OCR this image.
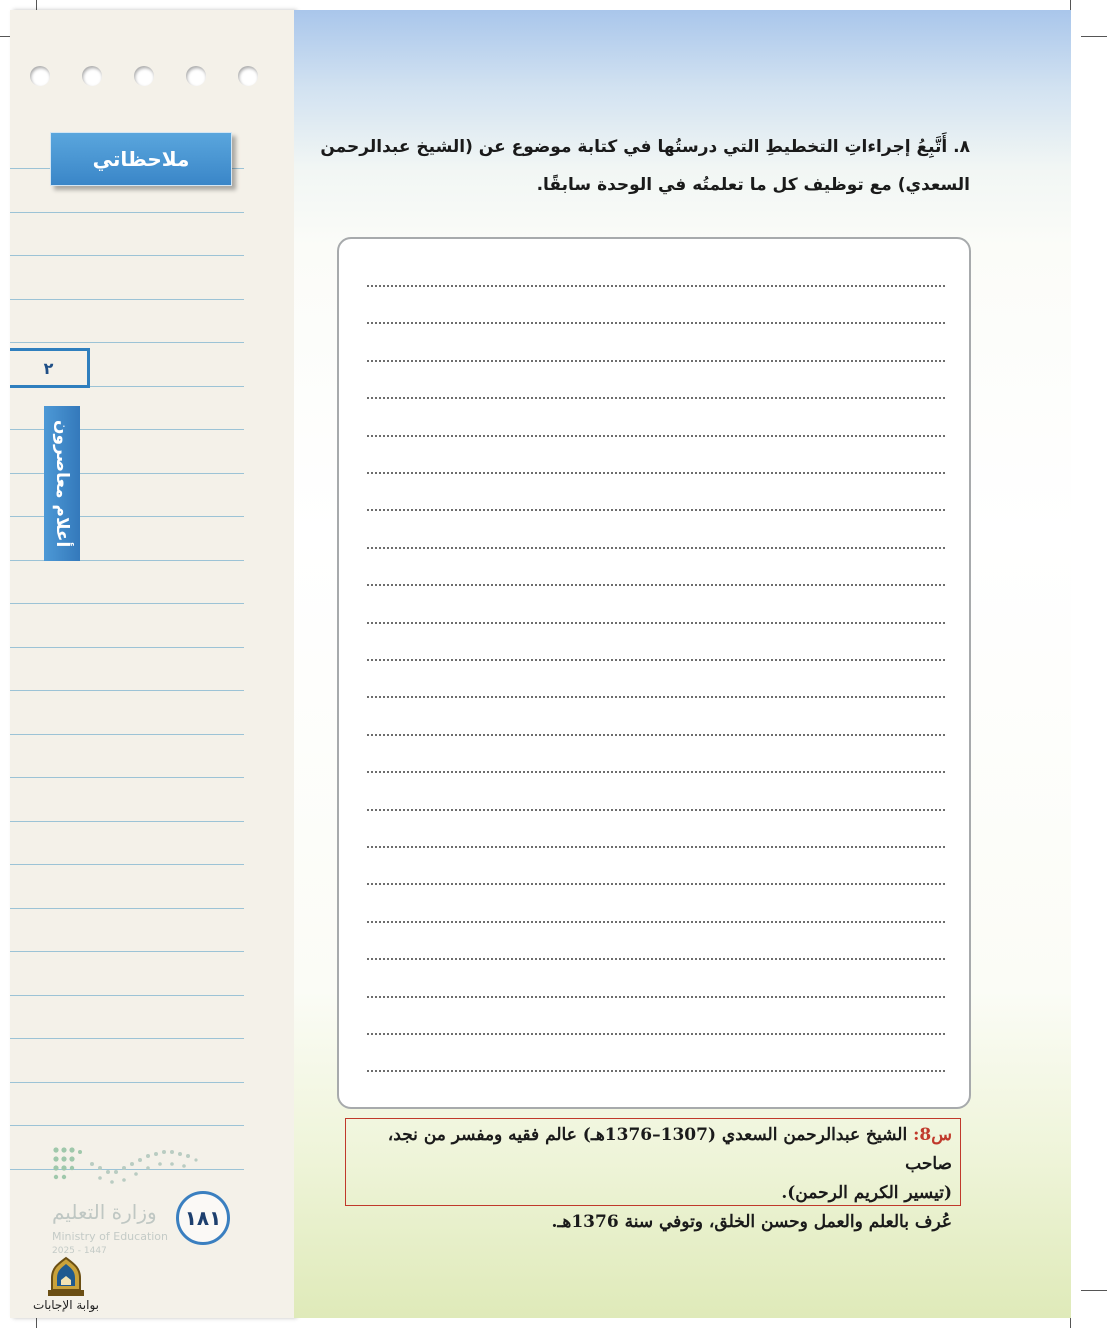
ملاحظاتي
٢
أعلام معاصرون
وزارة التعليم
Ministry of Education
2025 - 1447
١٨١
بوابة الإجابات
٨. أَتَّبِعُ إجراءاتِ التخطيطِ التي درستُها في كتابة موضوع عن (الشيخ عبدالرحمن
السعدي) مع توظيف كل ما تعلمتُه في الوحدة سابقًا.
س8: الشيخ عبدالرحمن السعدي (1307–1376هـ) عالم فقيه ومفسر من نجد، صاحب
(تيسير الكريم الرحمن).
عُرف بالعلم والعمل وحسن الخلق، وتوفي سنة 1376هـ.
